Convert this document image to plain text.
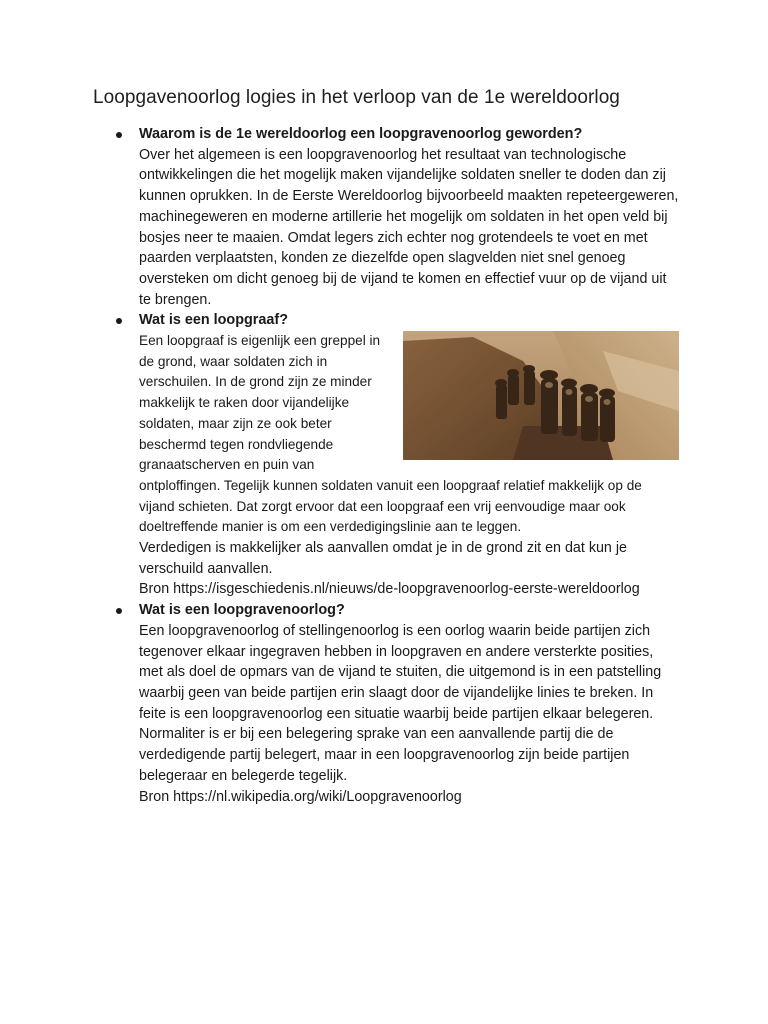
Loopgavenoorlog logies in het verloop van de 1e wereldoorlog
Waarom is de 1e wereldoorlog een loopgravenoorlog geworden?

Over het algemeen is een loopgravenoorlog het resultaat van technologische ontwikkelingen die het mogelijk maken vijandelijke soldaten sneller te doden dan zij kunnen oprukken. In de Eerste Wereldoorlog bijvoorbeeld maakten repeteergeweren, machinegeweren en moderne artillerie het mogelijk om soldaten in het open veld bij bosjes neer te maaien. Omdat legers zich echter nog grotendeels te voet en met paarden verplaatsten, konden ze diezelfde open slagvelden niet snel genoeg oversteken om dicht genoeg bij de vijand te komen en effectief vuur op de vijand uit te brengen.

Wat is een loopgraaf?

Een loopgraaf is eigenlijk een greppel in de grond, waar soldaten zich in verschuilen. In de grond zijn ze minder makkelijk te raken door vijandelijke soldaten, maar zijn ze ook beter beschermd tegen rondvliegende granaatscherven en puin van ontploffingen. Tegelijk kunnen soldaten vanuit een loopgraaf relatief makkelijk op de vijand schieten. Dat zorgt ervoor dat een loopgraaf een vrij eenvoudige maar ook doeltreffende manier is om een verdedigingslinie aan te leggen.

Verdedigen is makkelijker als aanvallen omdat je in de grond zit en dat kun je verschuild aanvallen.

Bron https://isgeschiedenis.nl/nieuws/de-loopgravenoorlog-eerste-wereldoorlog

Wat is een loopgravenoorlog?

Een loopgravenoorlog of stellingenoorlog is een oorlog waarin beide partijen zich tegenover elkaar ingegraven hebben in loopgraven en andere versterkte posities, met als doel de opmars van de vijand te stuiten, die uitgemond is in een patstelling waarbij geen van beide partijen erin slaagt door de vijandelijke linies te breken. In feite is een loopgravenoorlog een situatie waarbij beide partijen elkaar belegeren. Normaliter is er bij een belegering sprake van een aanvallende partij die de verdedigende partij belegert, maar in een loopgravenoorlog zijn beide partijen belegeraar en belegerde tegelijk.

Bron https://nl.wikipedia.org/wiki/Loopgravenoorlog
